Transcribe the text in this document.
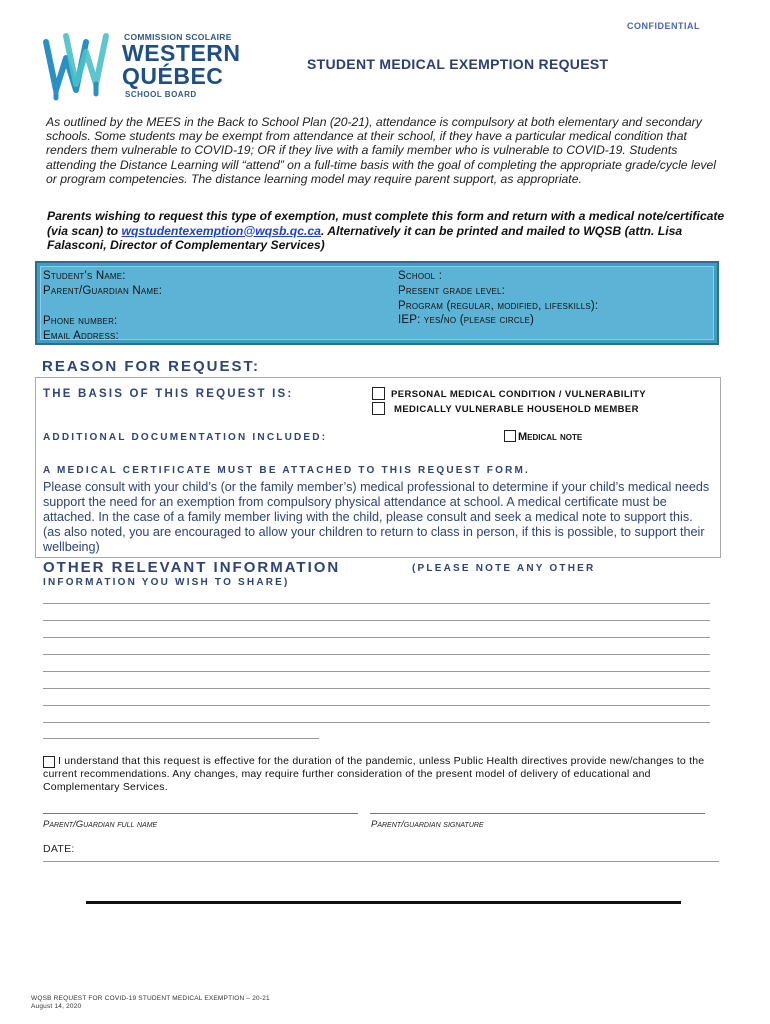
CONFIDENTIAL
COMMISSION SCOLAIRE
WESTERN
QUÉBEC
SCHOOL BOARD
STUDENT MEDICAL EXEMPTION REQUEST
As outlined by the MEES in the Back to School Plan (20-21), attendance is compulsory at both elementary and secondary schools. Some students may be exempt from attendance at their school, if they have a particular medical condition that renders them vulnerable to COVID-19; OR if they live with a family member who is vulnerable to COVID-19. Students attending the Distance Learning will “attend” on a full-time basis with the goal of completing the appropriate grade/cycle level or program competencies. The distance learning model may require parent support, as appropriate.
Parents wishing to request this type of exemption, must complete this form and return with a medical note/certificate (via scan) to wqstudentexemption@wqsb.qc.ca. Alternatively it can be printed and mailed to WQSB (attn. Lisa Falasconi, Director of Complementary Services)
Student's Name:
Parent/Guardian Name:
Phone number:
Email Address:
School :
Present grade level:
Program (regular, modified, lifeskills):
IEP: yes/no (please circle)
REASON FOR REQUEST:
THE BASIS OF THIS REQUEST IS:	PERSONAL MEDICAL CONDITION / VULNERABILITY
MEDICALLY VULNERABLE HOUSEHOLD MEMBER
ADDITIONAL DOCUMENTATION INCLUDED:	Medical note
A MEDICAL CERTIFICATE MUST BE ATTACHED TO THIS REQUEST FORM.
Please consult with your child’s (or the family member’s) medical professional to determine if your child’s medical needs support the need for an exemption from compulsory physical attendance at school. A medical certificate must be attached. In the case of a family member living with the child, please consult and seek a medical note to support this. (as also noted, you are encouraged to allow your children to return to class in person, if this is possible, to support their wellbeing)
OTHER RELEVANT INFORMATION	(PLEASE NOTE ANY OTHER
INFORMATION YOU WISH TO SHARE)
I understand that this request is effective for the duration of the pandemic, unless Public Health directives provide new/changes to the current recommendations. Any changes, may require further consideration of the present model of delivery of educational and Complementary Services.
Parent/Guardian full name	Parent/guardian signature
DATE:
WQSB REQUEST FOR COVID-19 STUDENT MEDICAL EXEMPTION – 20-21
August 14, 2020
